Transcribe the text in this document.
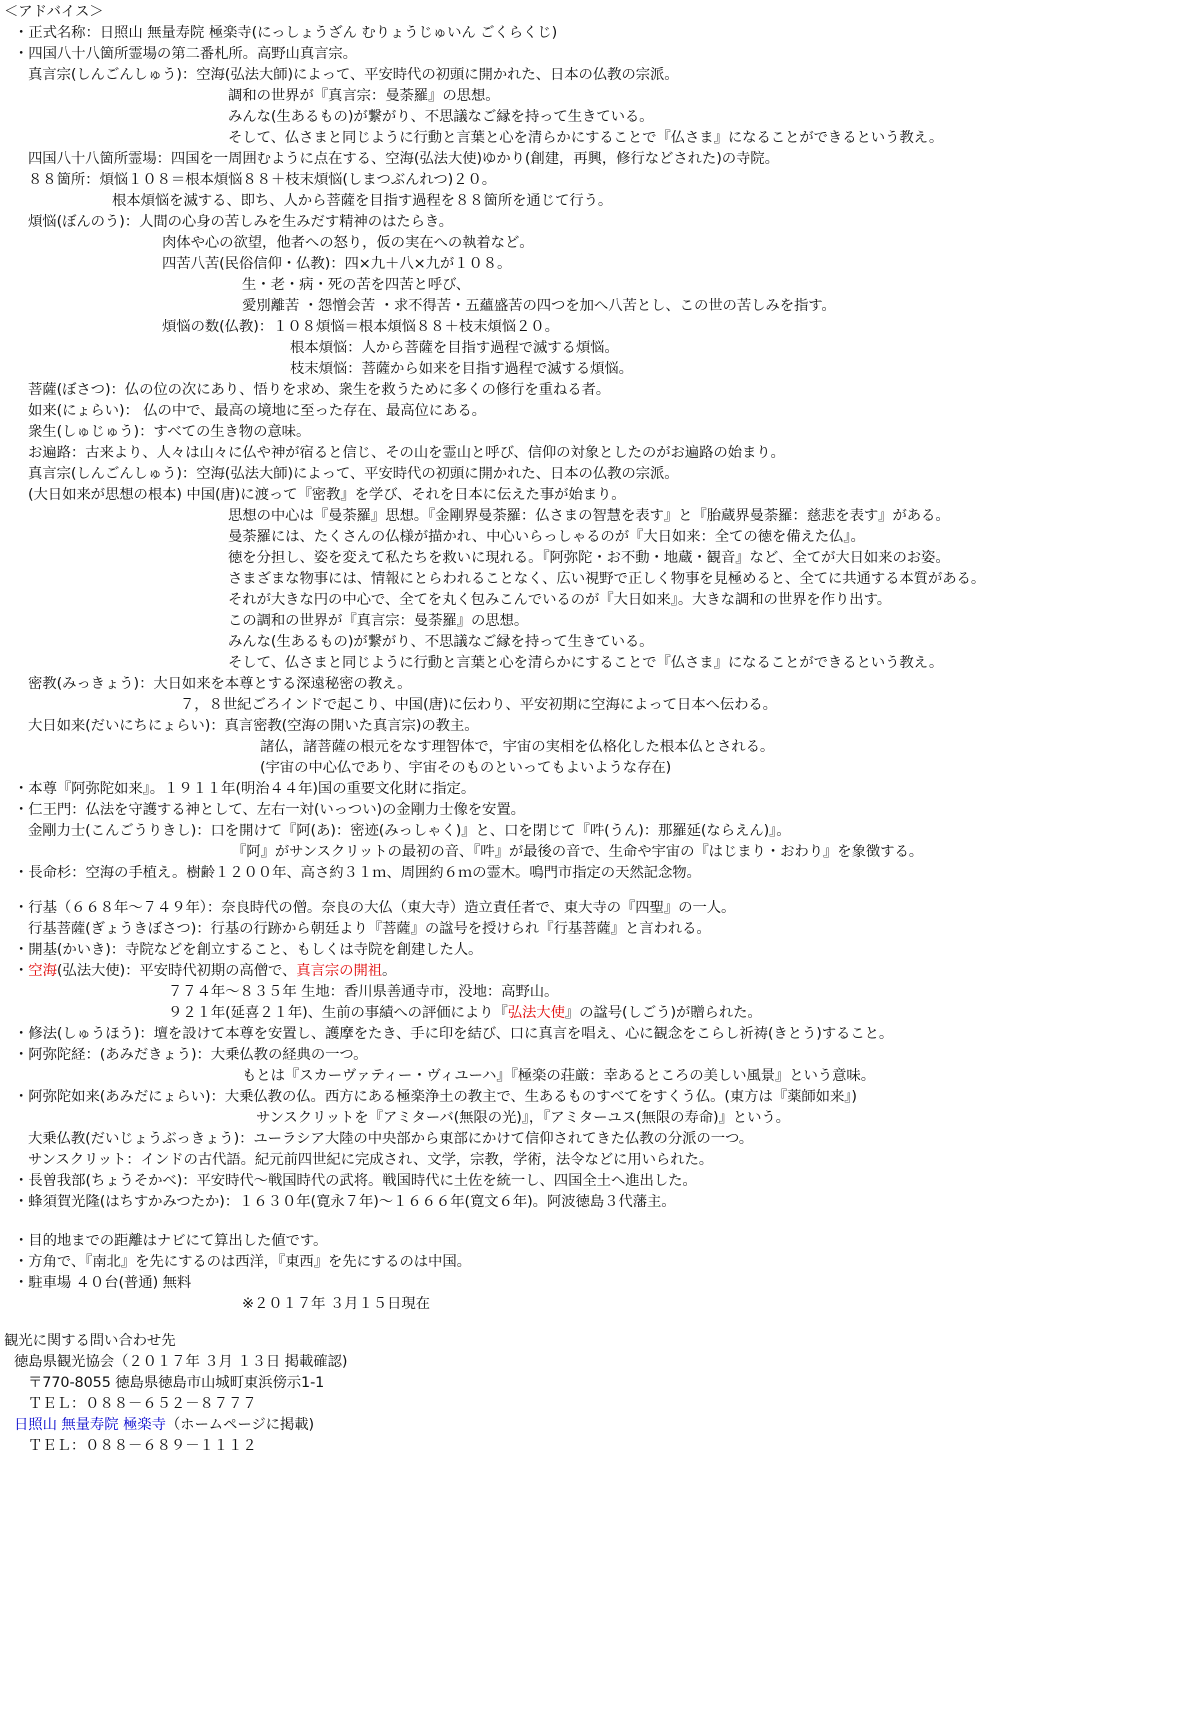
＜アドバイス＞
・正式名称：日照山 無量寿院 極楽寺(にっしょうざん むりょうじゅいん ごくらくじ)
・四国八十八箇所霊場の第二番札所。高野山真言宗。
真言宗(しんごんしゅう)：空海(弘法大師)によって、平安時代の初頭に開かれた、日本の仏教の宗派。
調和の世界が『真言宗：曼荼羅』の思想。
みんな(生あるもの)が繋がり、不思議なご縁を持って生きている。
そして、仏さまと同じように行動と言葉と心を清らかにすることで『仏さま』になることができるという教え。
四国八十八箇所霊場：四国を一周囲むように点在する、空海(弘法大使)ゆかり(創建，再興，修行などされた)の寺院。
８８箇所：煩悩１０８＝根本煩悩８８＋枝末煩悩(しまつぶんれつ)２０。
根本煩悩を滅する、即ち、人から菩薩を目指す過程を８８箇所を通じて行う。
煩悩(ぼんのう)：人間の心身の苦しみを生みだす精神のはたらき。
肉体や心の欲望，他者への怒り，仮の実在への執着など。
四苦八苦(民俗信仰・仏教)：四×九＋八×九が１０８。
生・老・病・死の苦を四苦と呼び、
愛別離苦 ・怨憎会苦 ・求不得苦・五蘊盛苦の四つを加へ八苦とし、この世の苦しみを指す。
煩悩の数(仏教)：１０８煩悩＝根本煩悩８８＋枝末煩悩２０。
根本煩悩：人から菩薩を目指す過程で滅する煩悩。
枝末煩悩：菩薩から如来を目指す過程で滅する煩悩。
菩薩(ぼさつ)：仏の位の次にあり、悟りを求め、衆生を救うために多くの修行を重ねる者。
如来(にょらい)： 仏の中で、最高の境地に至った存在、最高位にある。
衆生(しゅじゅう)：すべての生き物の意味。
お遍路：古来より、人々は山々に仏や神が宿ると信じ、その山を霊山と呼び、信仰の対象としたのがお遍路の始まり。
真言宗(しんごんしゅう)：空海(弘法大師)によって、平安時代の初頭に開かれた、日本の仏教の宗派。
(大日如来が思想の根本) 中国(唐)に渡って『密教』を学び、それを日本に伝えた事が始まり。
思想の中心は『曼荼羅』思想。『金剛界曼荼羅：仏さまの智慧を表す』と『胎蔵界曼荼羅：慈悲を表す』がある。
曼荼羅には、たくさんの仏様が描かれ、中心いらっしゃるのが『大日如来：全ての徳を備えた仏』。
徳を分担し、姿を変えて私たちを救いに現れる。『阿弥陀・お不動・地蔵・観音』など、全てが大日如来のお姿。
さまざまな物事には、情報にとらわれることなく、広い視野で正しく物事を見極めると、全てに共通する本質がある。
それが大きな円の中心で、全てを丸く包みこんでいるのが『大日如来』。大きな調和の世界を作り出す。
この調和の世界が『真言宗：曼荼羅』の思想。
みんな(生あるもの)が繋がり、不思議なご縁を持って生きている。
そして、仏さまと同じように行動と言葉と心を清らかにすることで『仏さま』になることができるという教え。
密教(みっきょう)：大日如来を本尊とする深遠秘密の教え。
７，８世紀ごろインドで起こり、中国(唐)に伝わり、平安初期に空海によって日本へ伝わる。
大日如来(だいにちにょらい)：真言密教(空海の開いた真言宗)の教主。
諸仏，諸菩薩の根元をなす理智体で，宇宙の実相を仏格化した根本仏とされる。
(宇宙の中心仏であり、宇宙そのものといってもよいような存在)
・本尊『阿弥陀如来』。１９１１年(明治４４年)国の重要文化財に指定。
・仁王門：仏法を守護する神として、左右一対(いっつい)の金剛力士像を安置。
金剛力士(こんごうりきし)：口を開けて『阿(あ)：密迹(みっしゃく)』と、口を閉じて『吽(うん)：那羅延(ならえん)』。
『阿』がサンスクリットの最初の音、『吽』が最後の音で、生命や宇宙の『はじまり・おわり』を象徴する。
・長命杉：空海の手植え。樹齢１２００年、高さ約３１ｍ、周囲約６ｍの霊木。鳴門市指定の天然記念物。
・行基（６６８年～７４９年）：奈良時代の僧。奈良の大仏（東大寺）造立責任者で、東大寺の『四聖』の一人。
行基菩薩(ぎょうきぼさつ)：行基の行跡から朝廷より『菩薩』の諡号を授けられ『行基菩薩』と言われる。
・開基(かいき)：寺院などを創立すること、もしくは寺院を創建した人。
・空海(弘法大使)：平安時代初期の高僧で、真言宗の開祖。
７７４年～８３５年 生地：香川県善通寺市，没地：高野山。
９２１年(延喜２１年)、生前の事績への評価により『弘法大使』の諡号(しごう)が贈られた。
・修法(しゅうほう)：壇を設けて本尊を安置し、護摩をたき、手に印を結び、口に真言を唱え、心に観念をこらし祈祷(きとう)すること。
・阿弥陀経：(あみだきょう)：大乗仏教の経典の一つ。
もとは『スカーヴァティー・ヴィユーハ』『極楽の荘厳：幸あるところの美しい風景』という意味。
・阿弥陀如来(あみだにょらい)：大乗仏教の仏。西方にある極楽浄土の教主で、生あるものすべてをすくう仏。(東方は『薬師如来』)
サンスクリットを『アミターバ(無限の光)』，『アミターユス(無限の寿命)』という。
大乗仏教(だいじょうぶっきょう)：ユーラシア大陸の中央部から東部にかけて信仰されてきた仏教の分派の一つ。
サンスクリット：インドの古代語。紀元前四世紀に完成され、文学，宗教，学術，法令などに用いられた。
・長曽我部(ちょうそかべ)：平安時代～戦国時代の武将。戦国時代に土佐を統一し、四国全土へ進出した。
・蜂須賀光隆(はちすかみつたか)：１６３０年(寛永７年)～１６６６年(寛文６年)。阿波徳島３代藩主。
・目的地までの距離はナビにて算出した値です。
・方角で、『南北』を先にするのは西洋，『東西』を先にするのは中国。
・駐車場 ４０台(普通) 無料
※２０１７年 ３月１５日現在
観光に関する問い合わせ先
徳島県観光協会（２０１７年 ３月 １３日 掲載確認)
〒770-8055 徳島県徳島市山城町東浜傍示1-1
ＴＥＬ：０８８－６５２－８７７７
日照山 無量寿院 極楽寺（ホームページに掲載)
ＴＥＬ：０８８－６８９－１１１２
